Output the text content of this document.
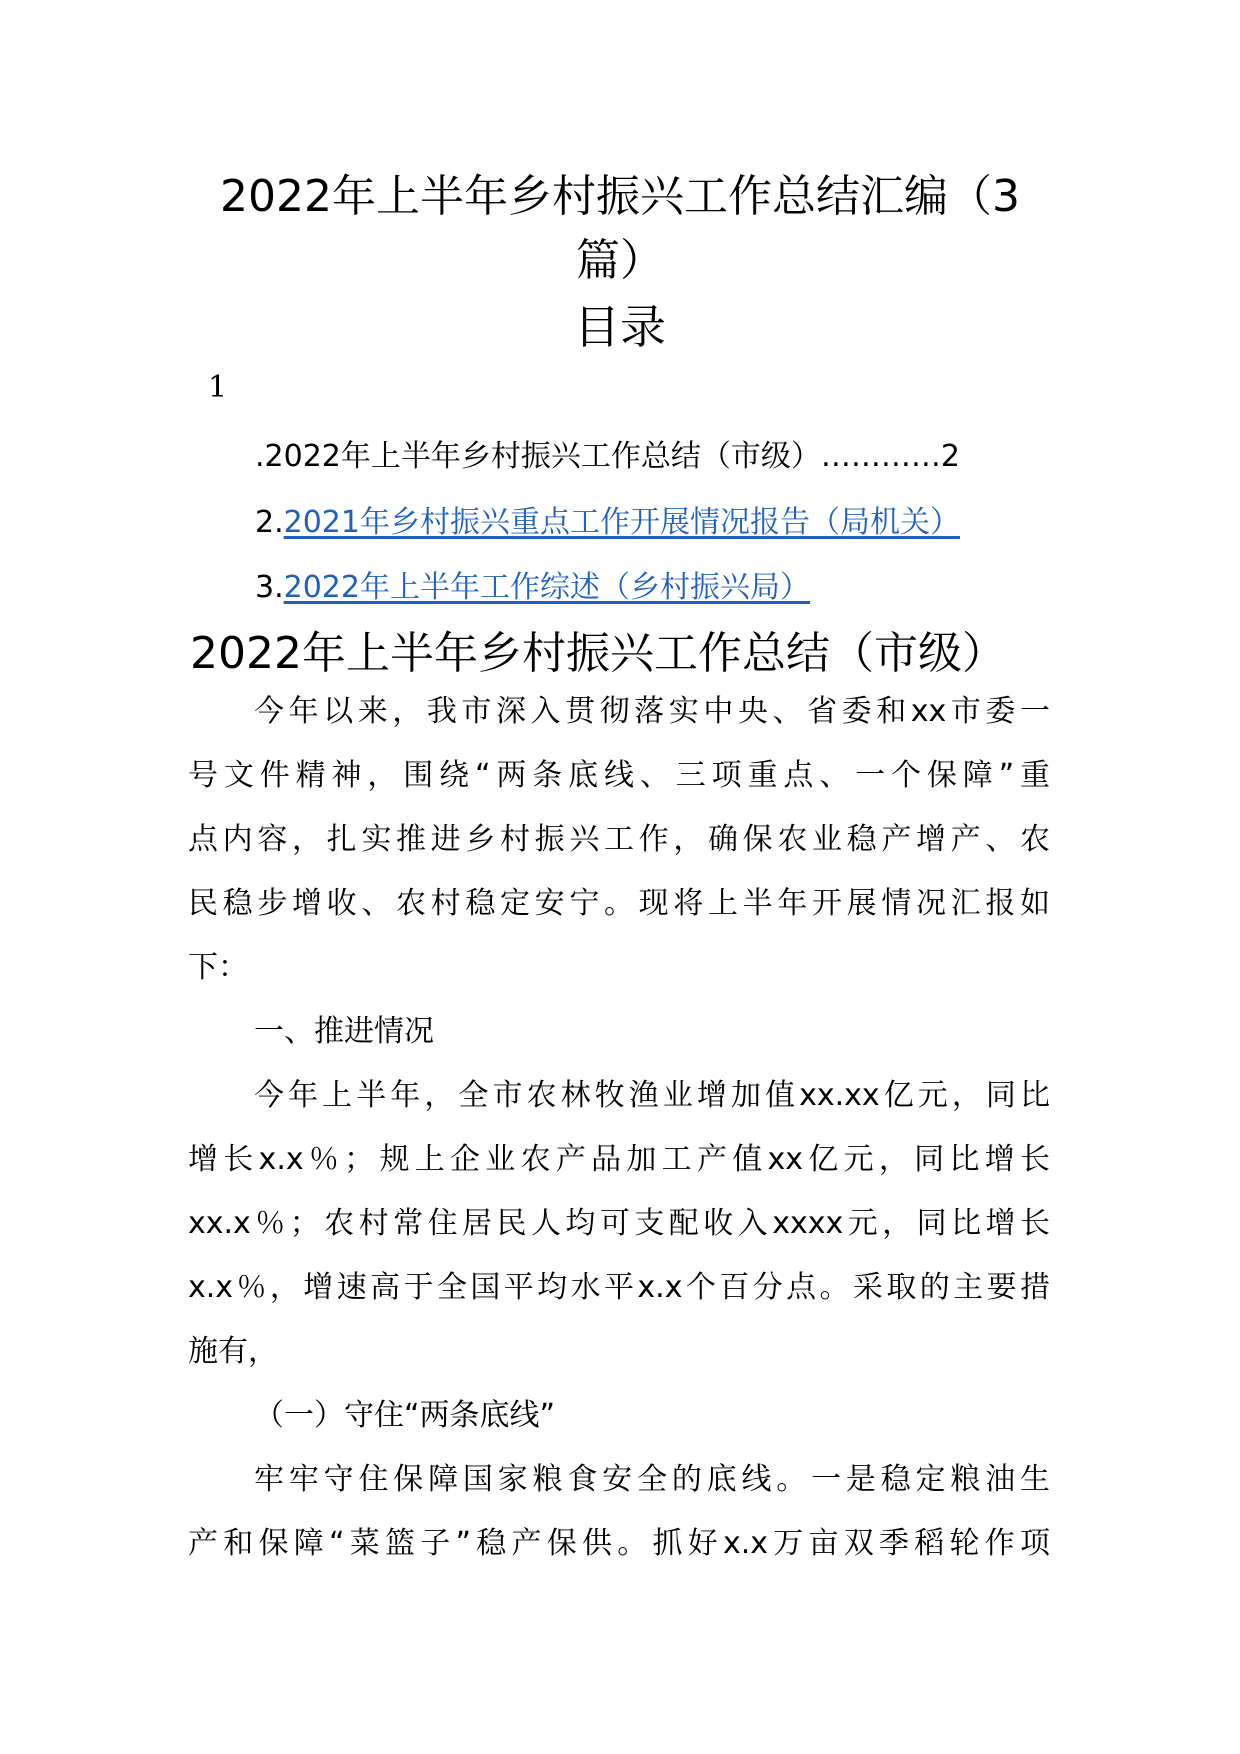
2022年上半年乡村振兴工作总结汇编（3
篇）
目录
1
.2022年上半年乡村振兴工作总结（市级）…………2
2.2021年乡村振兴重点工作开展情况报告（局机关）
3.2022年上半年工作综述（乡村振兴局）
2022年上半年乡村振兴工作总结（市级）
今年以来，我市深入贯彻落实中央、省委和xx市委一
号文件精神，围绕“两条底线、三项重点、一个保障”重
点内容，扎实推进乡村振兴工作，确保农业稳产增产、农
民稳步增收、农村稳定安宁。现将上半年开展情况汇报如
下：
一、推进情况
今年上半年，全市农林牧渔业增加值xx.xx亿元，同比
增长x.x％；规上企业农产品加工产值xx亿元，同比增长
xx.x％；农村常住居民人均可支配收入xxxx元，同比增长
x.x％，增速高于全国平均水平x.x个百分点。采取的主要措
施有，
（一）守住“两条底线”
牢牢守住保障国家粮食安全的底线。一是稳定粮油生
产和保障“菜篮子”稳产保供。抓好x.x万亩双季稻轮作项
